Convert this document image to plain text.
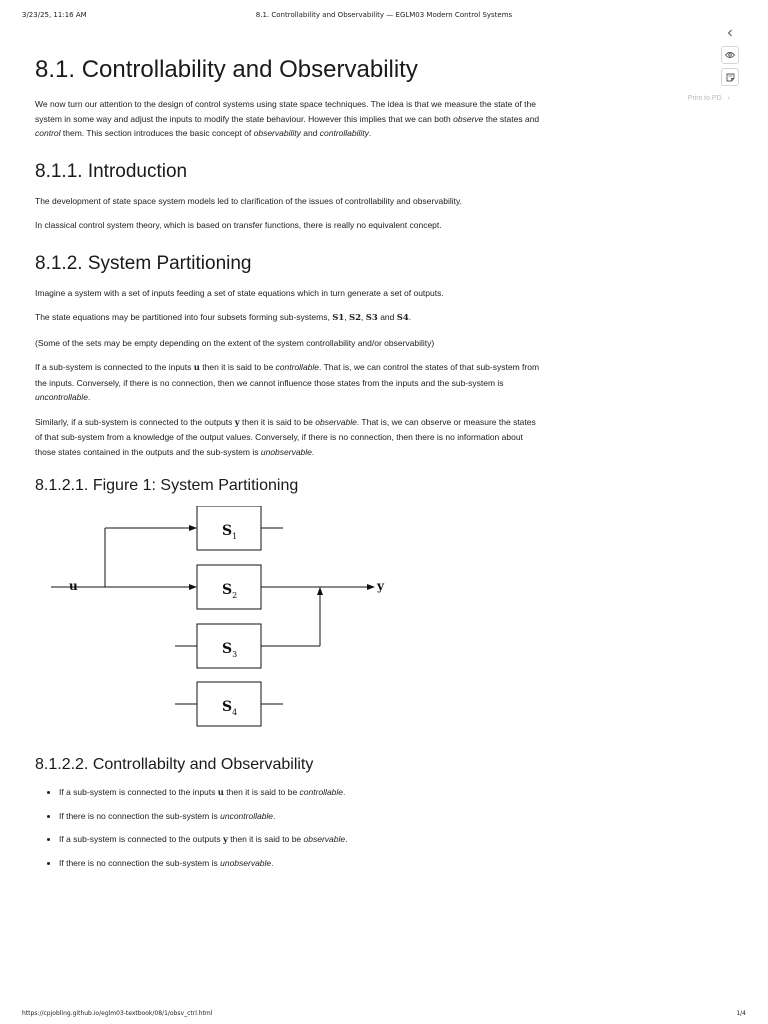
3/23/25, 11:16 AM	8.1. Controllability and Observability — EGLM03 Modern Control Systems
Print to PD ‹
8.1. Controllability and Observability

We now turn our attention to the design of control systems using state space techniques. The idea is that we measure the state of the system in some way and adjust the inputs to modify the state behaviour. However this implies that we can both observe the states and control them. This section introduces the basic concept of observability and controllability.

8.1.1. Introduction

The development of state space system models led to clarification of the issues of controllability and observability.

In classical control system theory, which is based on transfer functions, there is really no equivalent concept.

8.1.2. System Partitioning

Imagine a system with a set of inputs feeding a set of state equations which in turn generate a set of outputs.

The state equations may be partitioned into four subsets forming sub-systems, S1, S2, S3 and S4.

(Some of the sets may be empty depending on the extent of the system controllability and/or observability)

If a sub-system is connected to the inputs u then it is said to be controllable. That is, we can control the states of that sub-system from the inputs. Conversely, if there is no connection, then we cannot influence those states from the inputs and the sub-system is uncontrollable.

Similarly, if a sub-system is connected to the outputs y then it is said to be observable. That is, we can observe or measure the states of that sub-system from a knowledge of the output values. Conversely, if there is no connection, then there is no information about those states contained in the outputs and the sub-system is unobservable.

8.1.2.1. Figure 1: System Partitioning
u	y
$S_1$
$S_2$
$S_3$
$S_4$
8.1.2.2. Controllabilty and Observability
• If a sub-system is connected to the inputs u then it is said to be controllable.
• If there is no connection the sub-system is uncontrollable.
• If a sub-system is connected to the outputs y then it is said to be observable.
• If there is no connection the sub-system is unobservable.
https://cpjobling.github.io/eglm03-textbook/08/1/obsv_ctrl.html	1/4
